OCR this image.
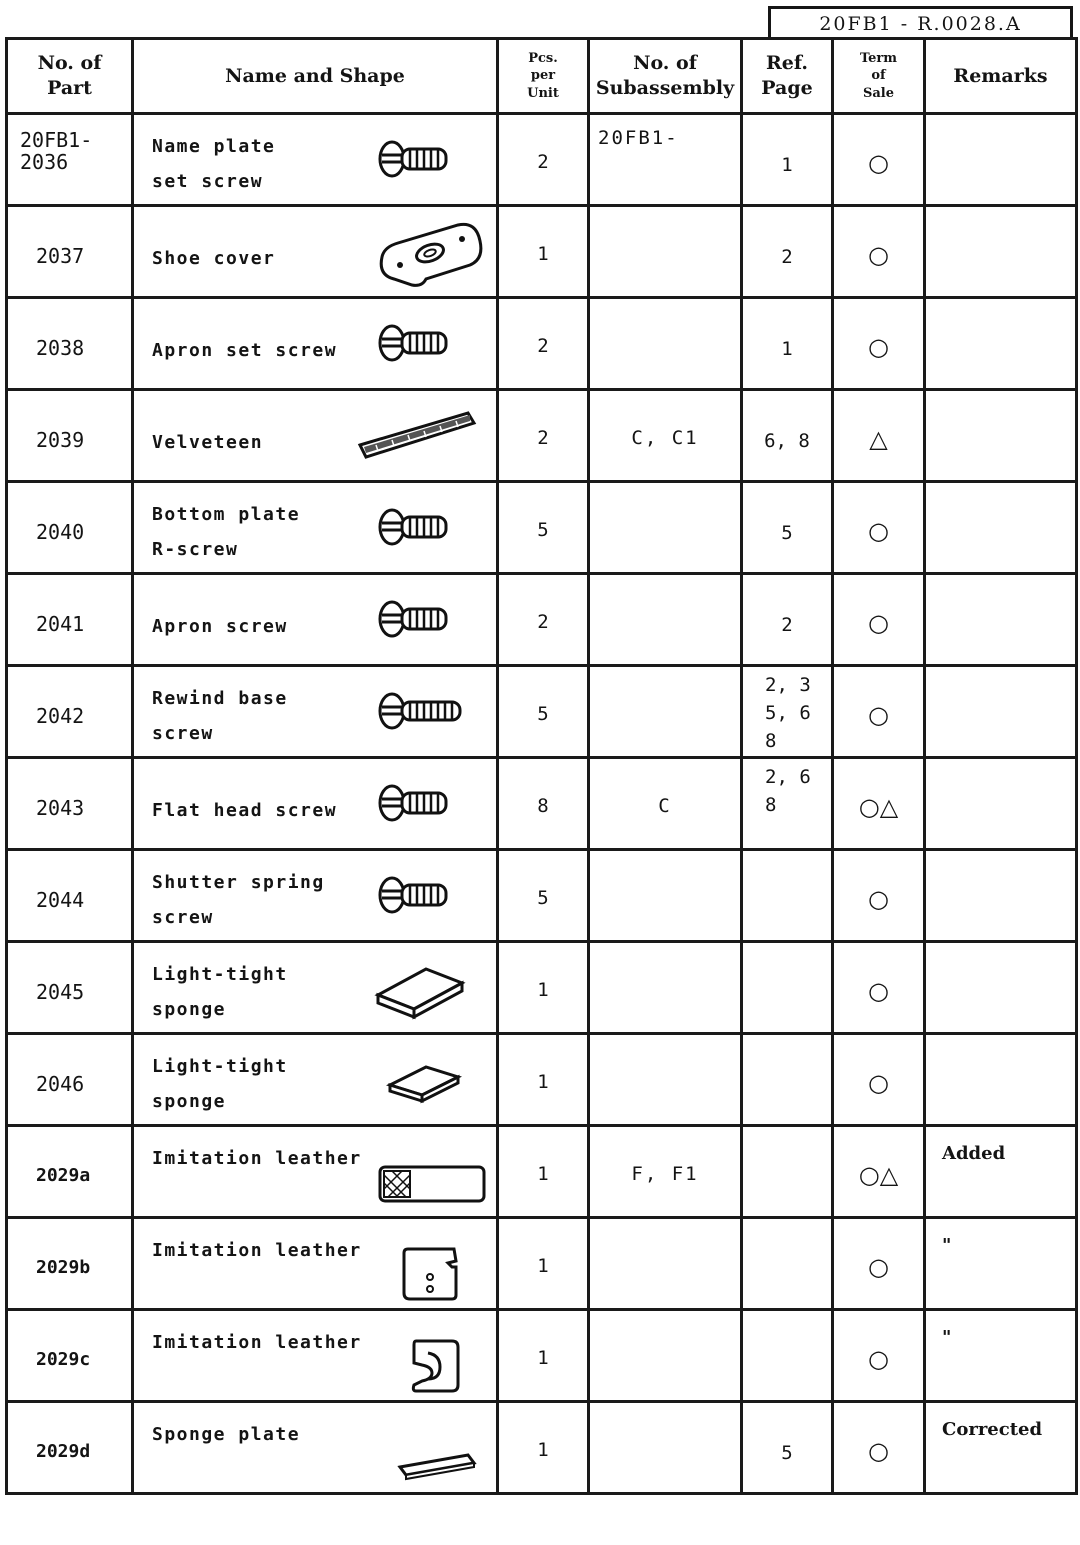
20FB1 - R.0028.A
No. of
Part	Name and Shape	Pcs.
per
Unit	No. of
Subassembly	Ref.
Page	Term
of
Sale	Remarks

20FB1-
2036	Name plate
set screw	2	20FB1-	1	○	

2037	Shoe cover	1		2	○	

2038	Apron set screw	2		1	○	

2039	Velveteen	2	C, C1	6, 8	△	

2040	Bottom plate
R-screw	5		5	○	

2041	Apron screw	2		2	○	

2042	Rewind base
screw	5		2, 3
5, 6
8	○	

2043	Flat head screw	8	C	2, 6
8	○△	

2044	Shutter spring
screw	5			○	

2045	Light-tight
sponge	1			○	

2046	Light-tight
sponge	1			○	

2029a	Imitation leather	1	F, F1		○△	Added

2029b	Imitation leather	1			○	"

2029c	Imitation leather	1			○	"

2029d	Sponge plate	1		5	○	Corrected
